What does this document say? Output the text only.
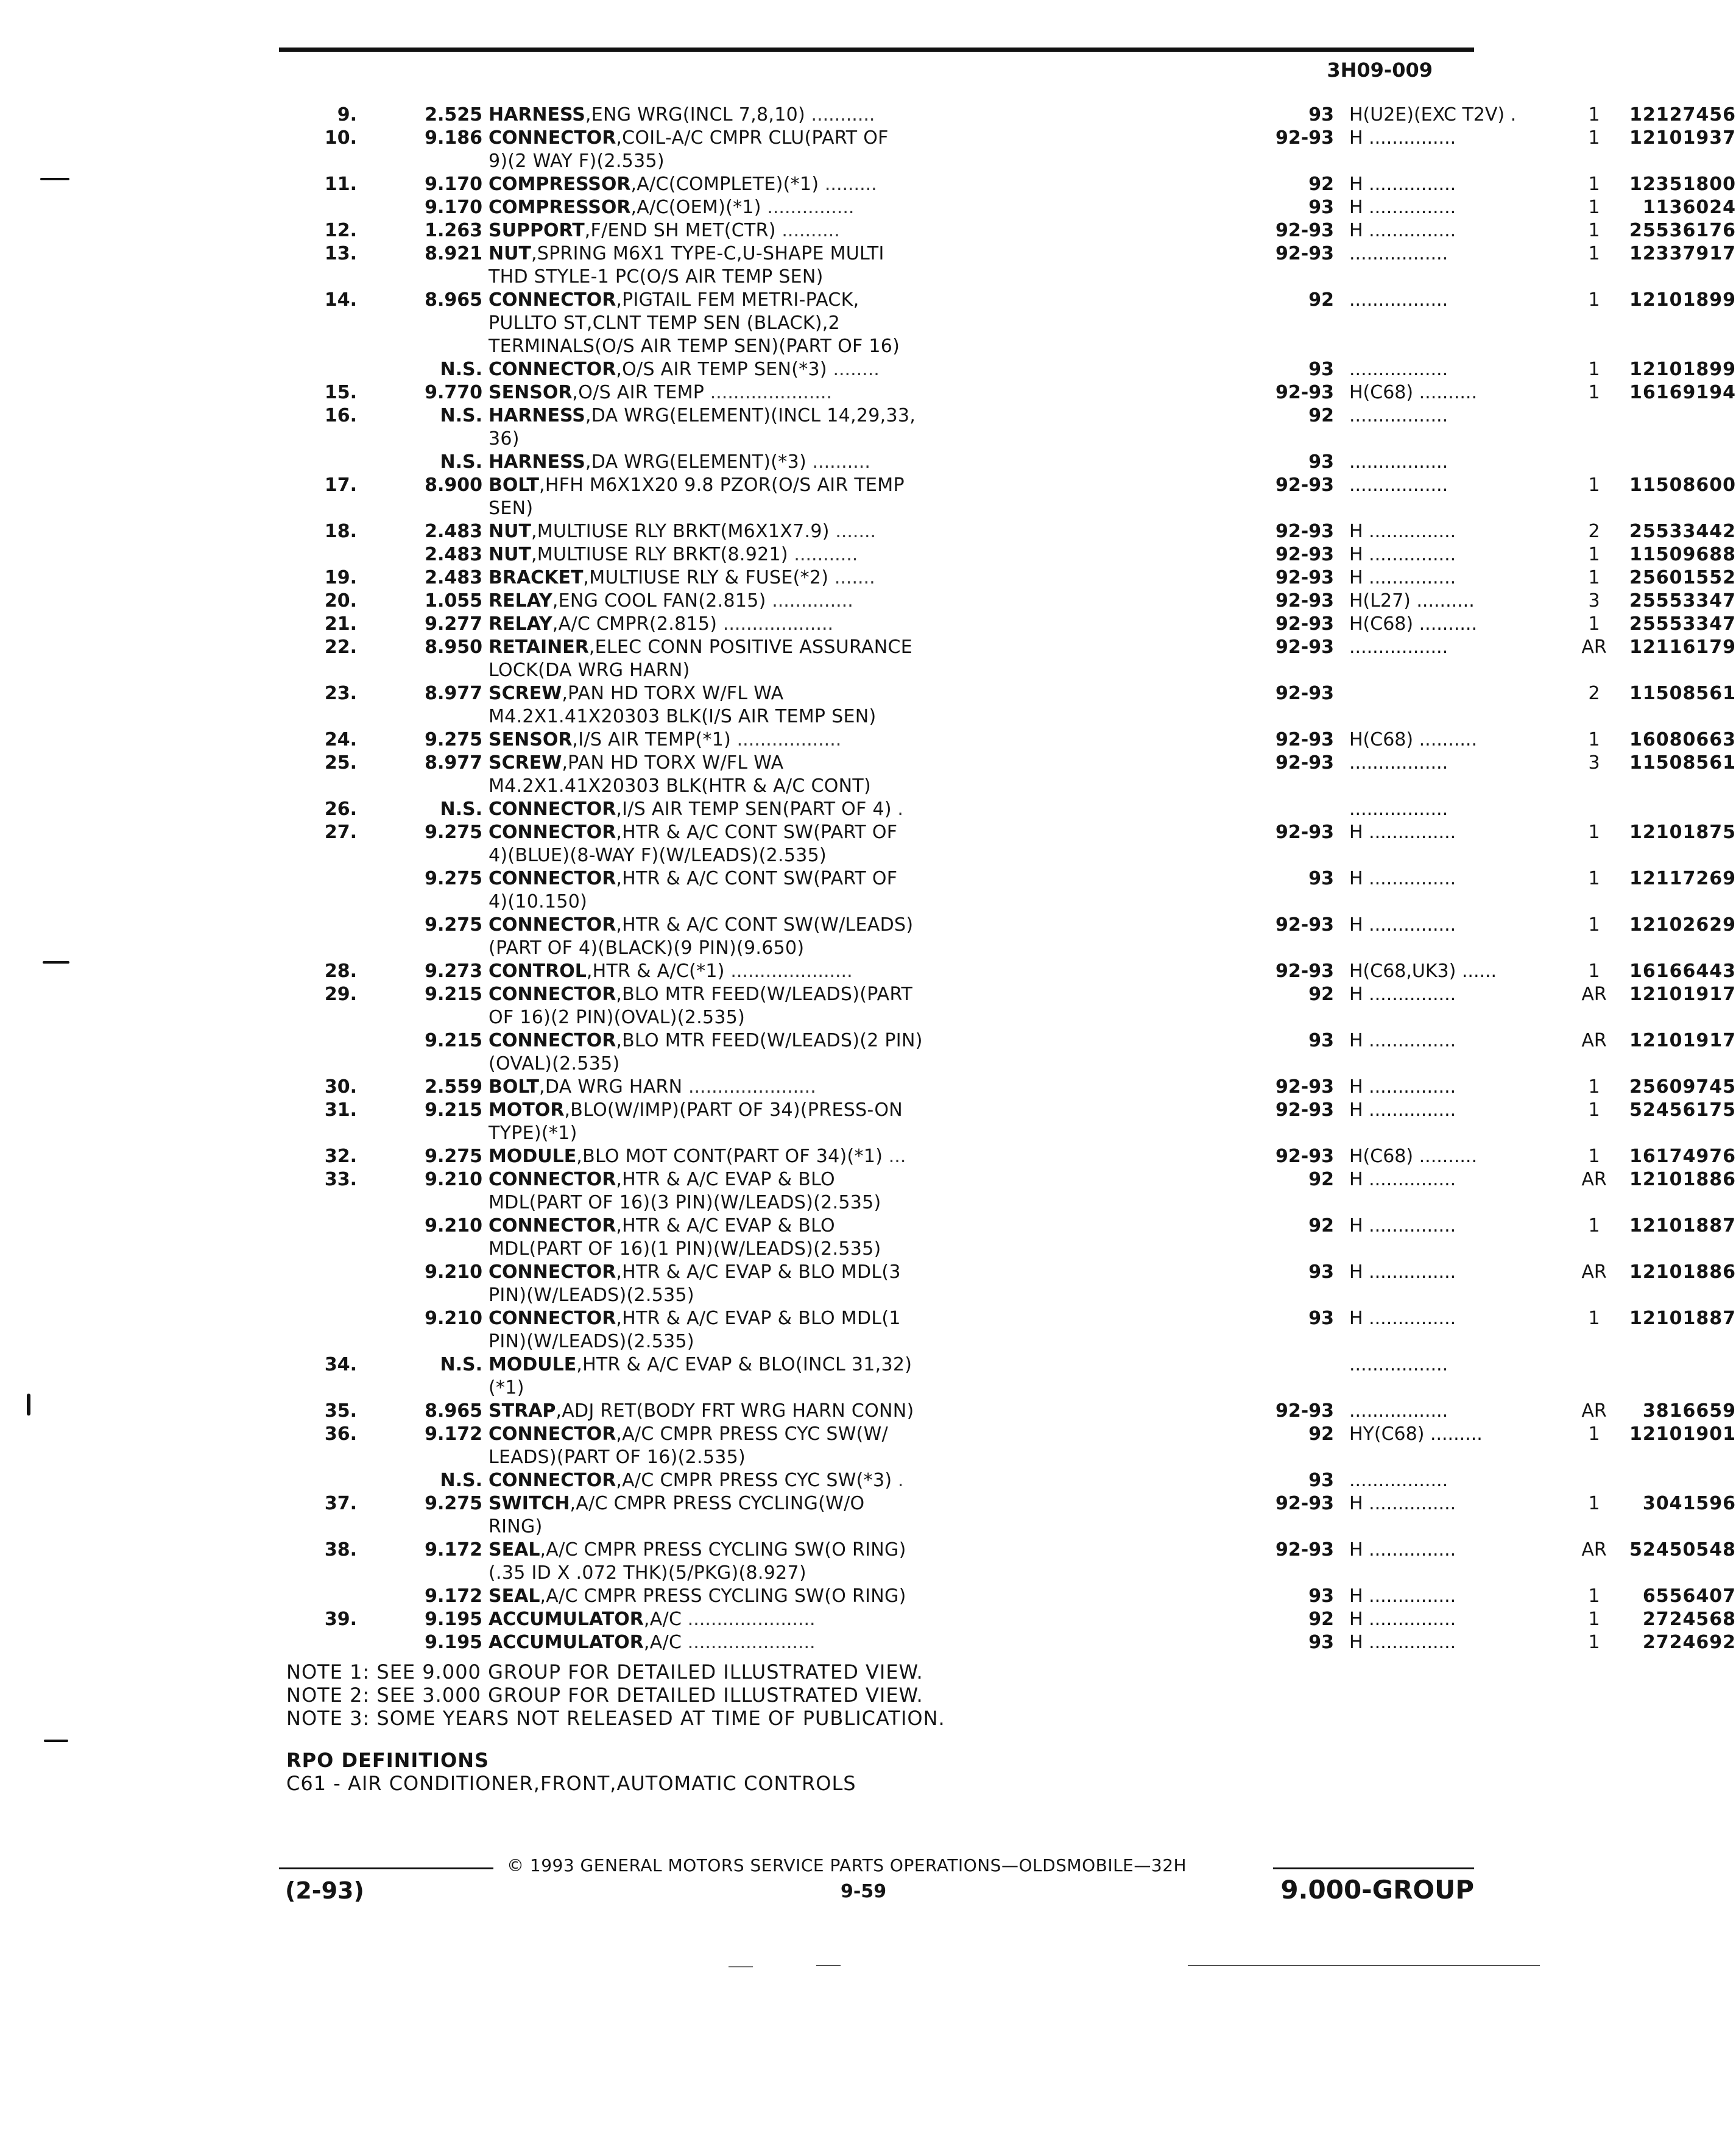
3H09-009
9.	2.525 HARNESS,ENG WRG(INCL 7,8,10) ...........	93 H(U2E)(EXC T2V) .	1	12127456
10.	9.186 CONNECTOR,COIL-A/C CMPR CLU(PART OF	92-93 H ...............	1	12101937
9)(2 WAY F)(2.535)
11.	9.170 COMPRESSOR,A/C(COMPLETE)(*1) .........	92 H ...............	1	12351800
9.170 COMPRESSOR,A/C(OEM)(*1) ...............	93 H ...............	1	1136024
12.	1.263 SUPPORT,F/END SH MET(CTR) ..........	92-93 H ...............	1	25536176
13.	8.921 NUT,SPRING M6X1 TYPE-C,U-SHAPE MULTI	92-93 .................	1	12337917
THD STYLE-1 PC(O/S AIR TEMP SEN)
14.	8.965 CONNECTOR,PIGTAIL FEM METRI-PACK,	92 .................	1	12101899
PULLTO ST,CLNT TEMP SEN (BLACK),2
TERMINALS(O/S AIR TEMP SEN)(PART OF 16)
N.S. CONNECTOR,O/S AIR TEMP SEN(*3) ........	93 .................	1	12101899
15.	9.770 SENSOR,O/S AIR TEMP .....................	92-93 H(C68) ..........	1	16169194
16.	N.S. HARNESS,DA WRG(ELEMENT)(INCL 14,29,33,	92 .................
36)
N.S. HARNESS,DA WRG(ELEMENT)(*3) ..........	93 .................
17.	8.900 BOLT,HFH M6X1X20 9.8 PZOR(O/S AIR TEMP	92-93 .................	1	11508600
SEN)
18.	2.483 NUT,MULTIUSE RLY BRKT(M6X1X7.9) .......	92-93 H ...............	2	25533442
2.483 NUT,MULTIUSE RLY BRKT(8.921) ...........	92-93 H ...............	1	11509688
19.	2.483 BRACKET,MULTIUSE RLY & FUSE(*2) .......	92-93 H ...............	1	25601552
20.	1.055 RELAY,ENG COOL FAN(2.815) ..............	92-93 H(L27) ..........	3	25553347
21.	9.277 RELAY,A/C CMPR(2.815) ...................	92-93 H(C68) ..........	1	25553347
22.	8.950 RETAINER,ELEC CONN POSITIVE ASSURANCE	92-93 .................	AR	12116179
LOCK(DA WRG HARN)
23.	8.977 SCREW,PAN HD TORX W/FL WA	92-93	2	11508561
M4.2X1.41X20303 BLK(I/S AIR TEMP SEN)
24.	9.275 SENSOR,I/S AIR TEMP(*1) ..................	92-93 H(C68) ..........	1	16080663
25.	8.977 SCREW,PAN HD TORX W/FL WA	92-93 .................	3	11508561
M4.2X1.41X20303 BLK(HTR & A/C CONT)
26.	N.S. CONNECTOR,I/S AIR TEMP SEN(PART OF 4) .	.................
27.	9.275 CONNECTOR,HTR & A/C CONT SW(PART OF	92-93 H ...............	1	12101875
4)(BLUE)(8-WAY F)(W/LEADS)(2.535)
9.275 CONNECTOR,HTR & A/C CONT SW(PART OF	93 H ...............	1	12117269
4)(10.150)
9.275 CONNECTOR,HTR & A/C CONT SW(W/LEADS)	92-93 H ...............	1	12102629
(PART OF 4)(BLACK)(9 PIN)(9.650)
28.	9.273 CONTROL,HTR & A/C(*1) .....................	92-93 H(C68,UK3) ......	1	16166443
29.	9.215 CONNECTOR,BLO MTR FEED(W/LEADS)(PART	92 H ...............	AR	12101917
OF 16)(2 PIN)(OVAL)(2.535)
9.215 CONNECTOR,BLO MTR FEED(W/LEADS)(2 PIN)	93 H ...............	AR	12101917
(OVAL)(2.535)
30.	2.559 BOLT,DA WRG HARN ......................	92-93 H ...............	1	25609745
31.	9.215 MOTOR,BLO(W/IMP)(PART OF 34)(PRESS-ON	92-93 H ...............	1	52456175
TYPE)(*1)
32.	9.275 MODULE,BLO MOT CONT(PART OF 34)(*1) ...	92-93 H(C68) ..........	1	16174976
33.	9.210 CONNECTOR,HTR & A/C EVAP & BLO	92 H ...............	AR	12101886
MDL(PART OF 16)(3 PIN)(W/LEADS)(2.535)
9.210 CONNECTOR,HTR & A/C EVAP & BLO	92 H ...............	1	12101887
MDL(PART OF 16)(1 PIN)(W/LEADS)(2.535)
9.210 CONNECTOR,HTR & A/C EVAP & BLO MDL(3	93 H ...............	AR	12101886
PIN)(W/LEADS)(2.535)
9.210 CONNECTOR,HTR & A/C EVAP & BLO MDL(1	93 H ...............	1	12101887
PIN)(W/LEADS)(2.535)
34.	N.S. MODULE,HTR & A/C EVAP & BLO(INCL 31,32)	.................
(*1)
35.	8.965 STRAP,ADJ RET(BODY FRT WRG HARN CONN)	92-93 .................	AR	3816659
36.	9.172 CONNECTOR,A/C CMPR PRESS CYC SW(W/	92 HY(C68) .........	1	12101901
LEADS)(PART OF 16)(2.535)
N.S. CONNECTOR,A/C CMPR PRESS CYC SW(*3) .	93 .................
37.	9.275 SWITCH,A/C CMPR PRESS CYCLING(W/O	92-93 H ...............	1	3041596
RING)
38.	9.172 SEAL,A/C CMPR PRESS CYCLING SW(O RING)	92-93 H ...............	AR	52450548
(.35 ID X .072 THK)(5/PKG)(8.927)
9.172 SEAL,A/C CMPR PRESS CYCLING SW(O RING)	93 H ...............	1	6556407
39.	9.195 ACCUMULATOR,A/C ......................	92 H ...............	1	2724568
9.195 ACCUMULATOR,A/C ......................	93 H ...............	1	2724692
NOTE 1: SEE 9.000 GROUP FOR DETAILED ILLUSTRATED VIEW.
NOTE 2: SEE 3.000 GROUP FOR DETAILED ILLUSTRATED VIEW.
NOTE 3: SOME YEARS NOT RELEASED AT TIME OF PUBLICATION.
RPO DEFINITIONS
C61 - AIR CONDITIONER,FRONT,AUTOMATIC CONTROLS
© 1993 GENERAL MOTORS SERVICE PARTS OPERATIONS—OLDSMOBILE—32H
(2-93)	9-59	9.000-GROUP
